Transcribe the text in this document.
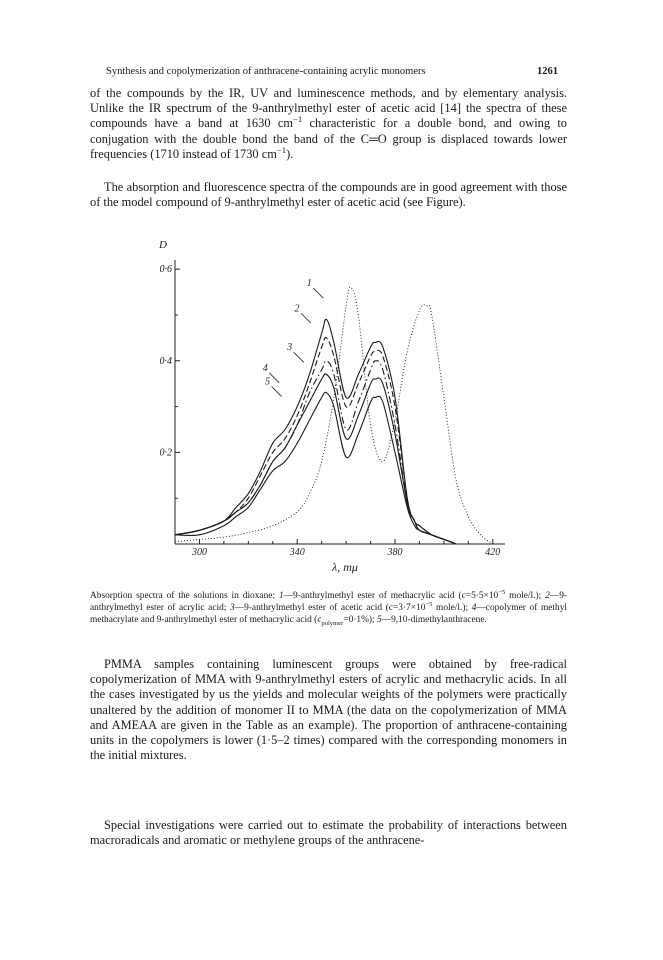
Synthesis and copolymerization of anthracene-containing acrylic monomers	1261

of the compounds by the IR, UV and luminescence methods, and by elementary analysis. Unlike the IR spectrum of the 9-anthrylmethyl ester of acetic acid [14] the spectra of these compounds have a band at 1630 $cm^{-1}$ characteristic for a double bond, and owing to conjugation with the double bond the band of the C═O group is displaced towards lower frequencies (1710 instead of 1730 $cm^{-1}$).

The absorption and fluorescence spectra of the compounds are in good agreement with those of the model compound of 9-anthrylmethyl ester of acetic acid (see Figure).

0·2
0·4
0·6
300	340	380	420
D
λ, mμ
1
2
3
4
5

Absorption spectra of the solutions in dioxane: 1—9-anthrylmethyl ester of methacrylic acid ($c=5\cdot 5\times 10^{-5}$ mole/l.); 2—9-anthrylmethyl ester of acrylic acid; 3—9-anthrylmethyl ester of acetic acid ($c=3\cdot 7\times 10^{-5}$ mole/l.); 4—copolymer of methyl methacrylate and 9-anthrylmethyl ester of methacrylic acid $(c_{polymer}=0\cdot 1\%)$; 5—9,10-dimethylanthracene.

PMMA samples containing luminescent groups were obtained by free-radical copolymerization of MMA with 9-anthrylmethyl esters of acrylic and methacrylic acids. In all the cases investigated by us the yields and molecular weights of the polymers were practically unaltered by the addition of monomer II to MMA (the data on the copolymerization of MMA and AMEAA are given in the Table as an example). The proportion of anthracene-containing units in the copolymers is lower (1·5–2 times) compared with the corresponding monomers in the initial mixtures.

Special investigations were carried out to estimate the probability of interactions between macroradicals and aromatic or methylene groups of the anthracene-
